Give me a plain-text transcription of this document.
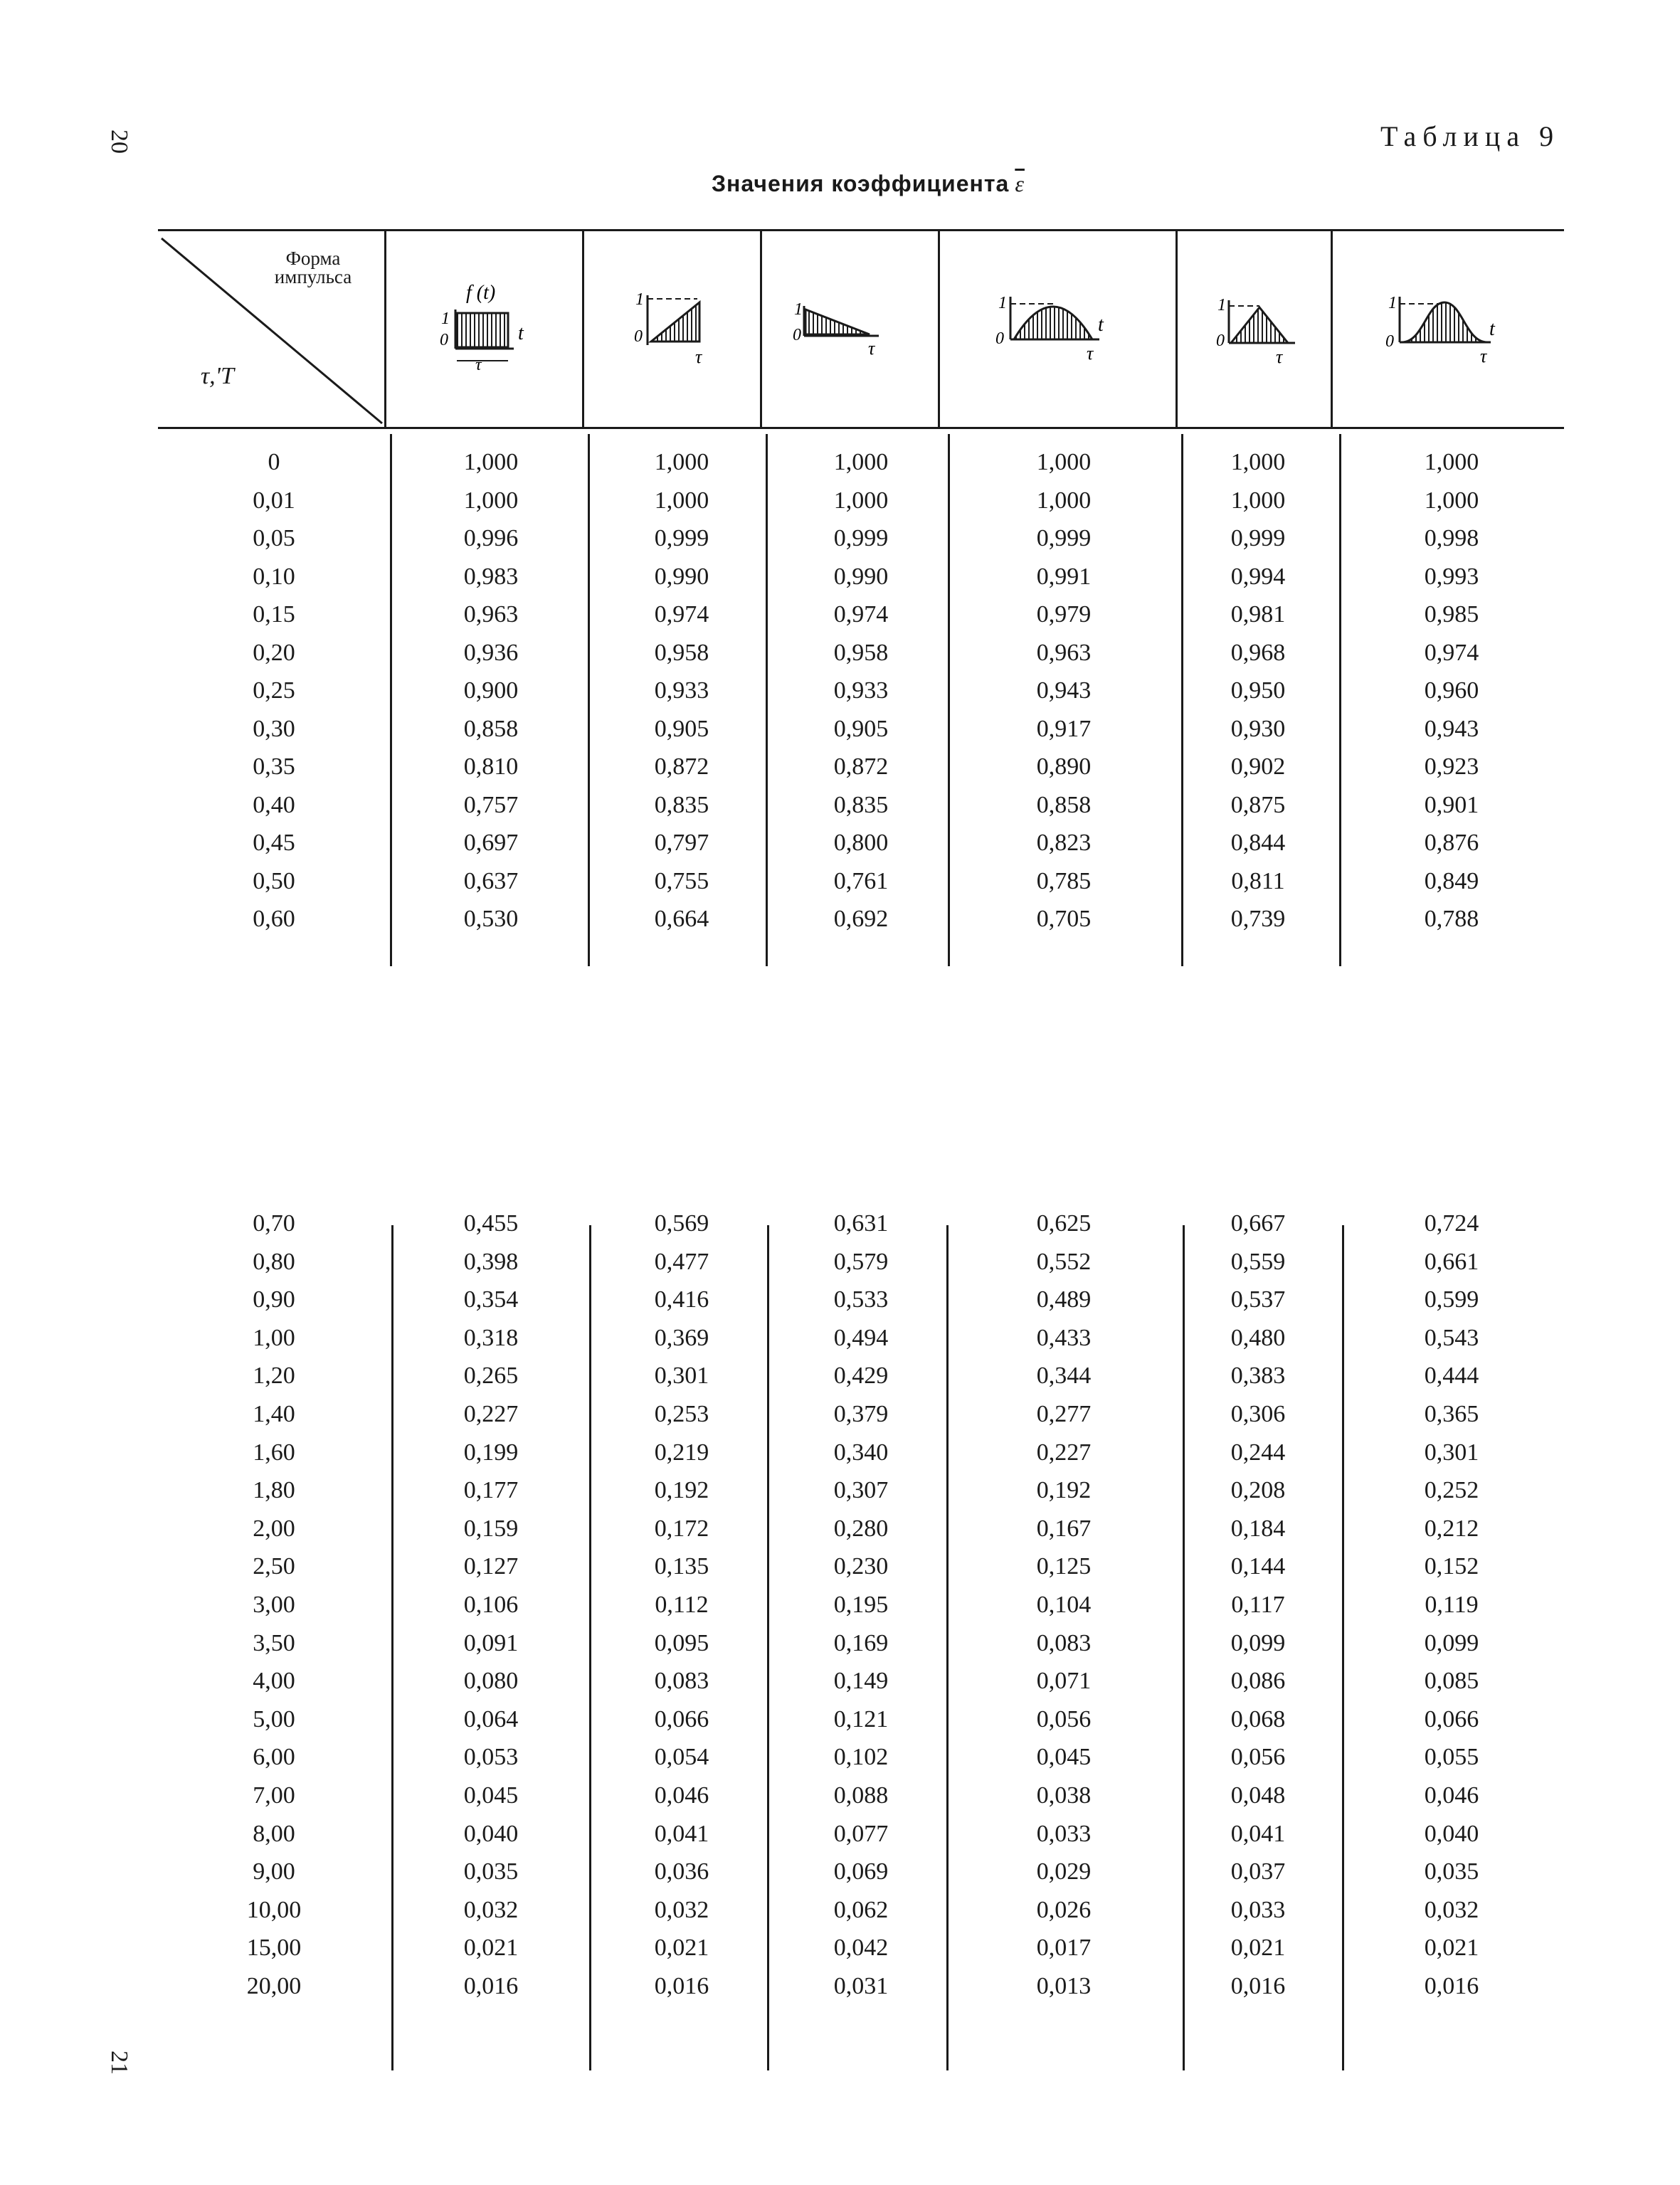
20
21
Таблица 9
Значения коэффициента $\overline{\varepsilon}$
Форма импульса
τ,'T
f (t)
1
0	t
τ
1
0
τ
1
0
τ
1
0
t
τ
1
0
τ
1
0
t
τ
0	1,000	1,000	1,000	1,000	1,000	1,000
0,01	1,000	1,000	1,000	1,000	1,000	1,000
0,05	0,996	0,999	0,999	0,999	0,999	0,998
0,10	0,983	0,990	0,990	0,991	0,994	0,993
0,15	0,963	0,974	0,974	0,979	0,981	0,985
0,20	0,936	0,958	0,958	0,963	0,968	0,974
0,25	0,900	0,933	0,933	0,943	0,950	0,960
0,30	0,858	0,905	0,905	0,917	0,930	0,943
0,35	0,810	0,872	0,872	0,890	0,902	0,923
0,40	0,757	0,835	0,835	0,858	0,875	0,901
0,45	0,697	0,797	0,800	0,823	0,844	0,876
0,50	0,637	0,755	0,761	0,785	0,811	0,849
0,60	0,530	0,664	0,692	0,705	0,739	0,788
0,70	0,455	0,569	0,631	0,625	0,667	0,724
0,80	0,398	0,477	0,579	0,552	0,559	0,661
0,90	0,354	0,416	0,533	0,489	0,537	0,599
1,00	0,318	0,369	0,494	0,433	0,480	0,543
1,20	0,265	0,301	0,429	0,344	0,383	0,444
1,40	0,227	0,253	0,379	0,277	0,306	0,365
1,60	0,199	0,219	0,340	0,227	0,244	0,301
1,80	0,177	0,192	0,307	0,192	0,208	0,252
2,00	0,159	0,172	0,280	0,167	0,184	0,212
2,50	0,127	0,135	0,230	0,125	0,144	0,152
3,00	0,106	0,112	0,195	0,104	0,117	0,119
3,50	0,091	0,095	0,169	0,083	0,099	0,099
4,00	0,080	0,083	0,149	0,071	0,086	0,085
5,00	0,064	0,066	0,121	0,056	0,068	0,066
6,00	0,053	0,054	0,102	0,045	0,056	0,055
7,00	0,045	0,046	0,088	0,038	0,048	0,046
8,00	0,040	0,041	0,077	0,033	0,041	0,040
9,00	0,035	0,036	0,069	0,029	0,037	0,035
10,00	0,032	0,032	0,062	0,026	0,033	0,032
15,00	0,021	0,021	0,042	0,017	0,021	0,021
20,00	0,016	0,016	0,031	0,013	0,016	0,016
